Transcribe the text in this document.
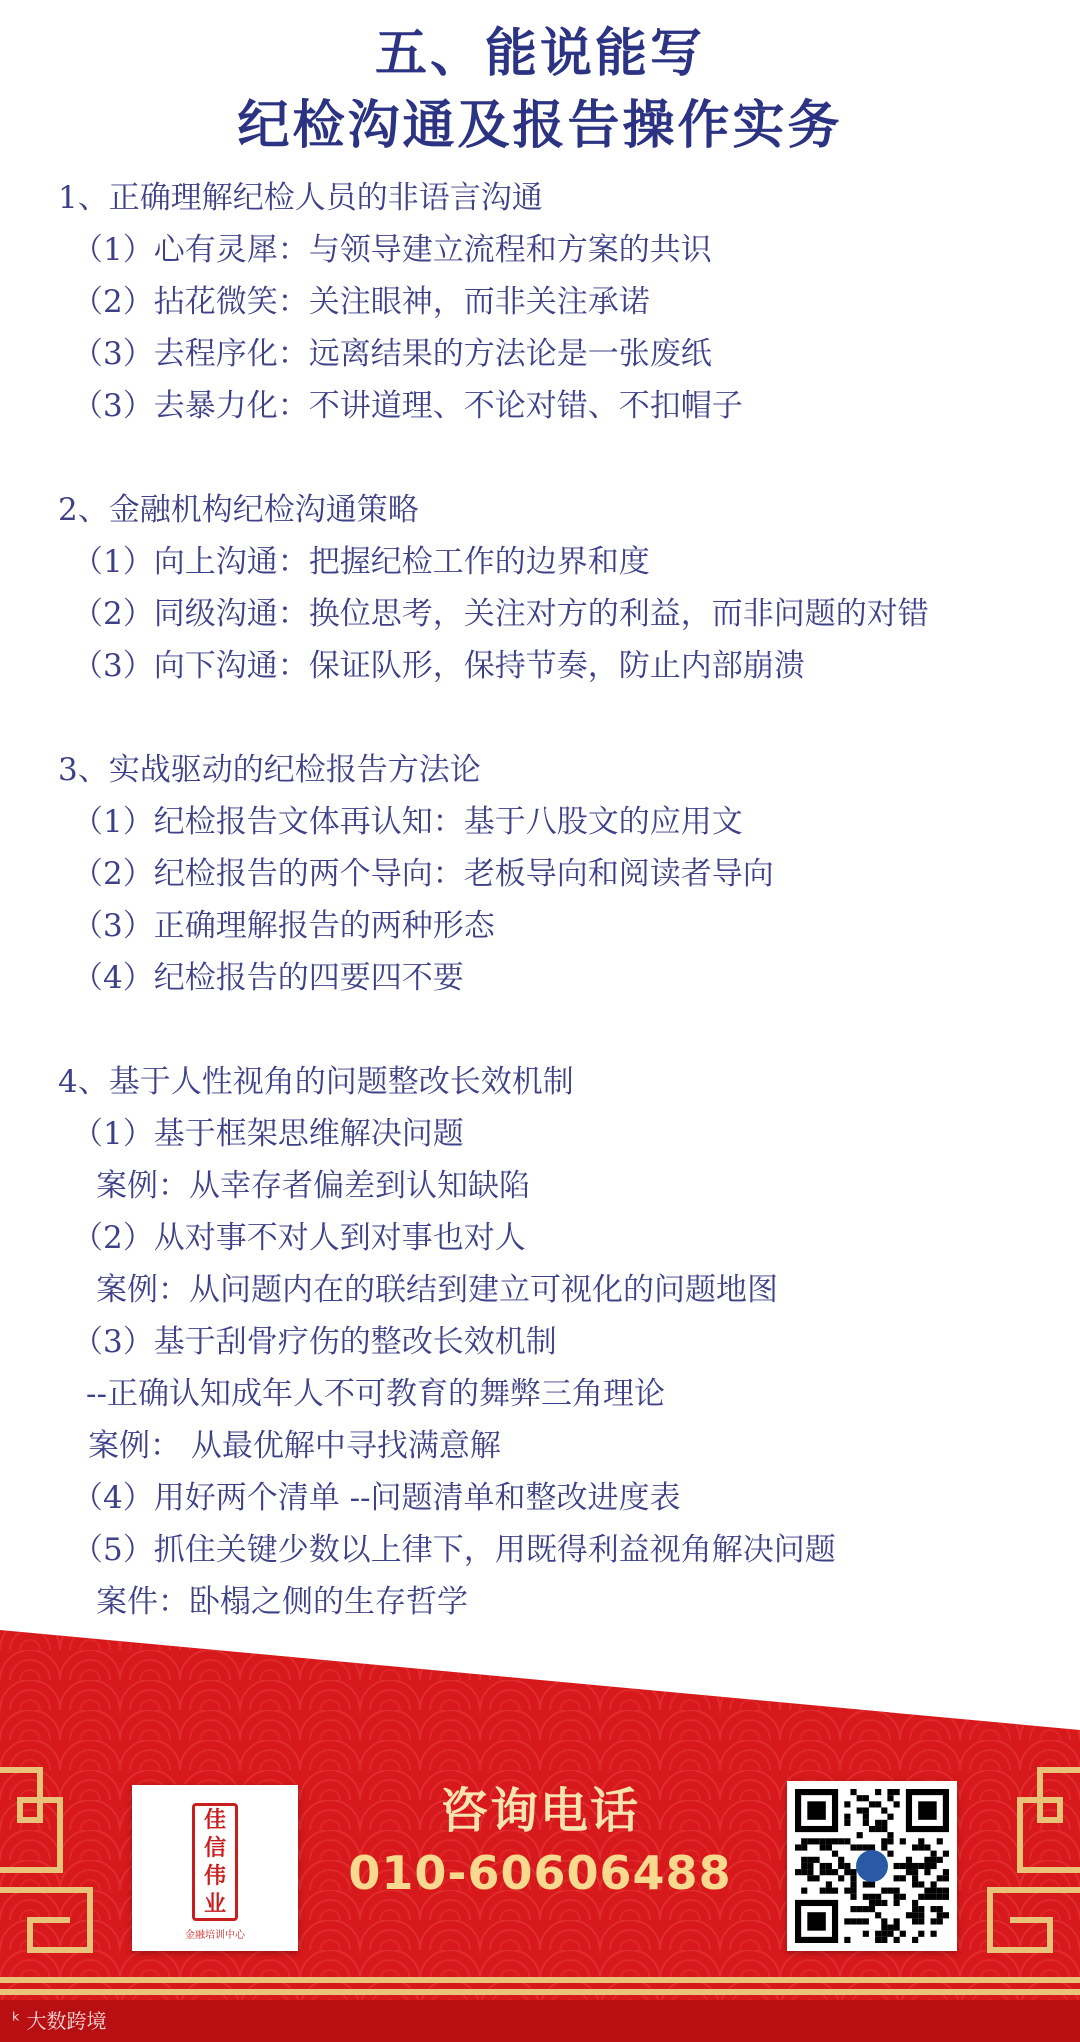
五、能说能写
纪检沟通及报告操作实务
1、正确理解纪检人员的非语言沟通
（1）心有灵犀：与领导建立流程和方案的共识
（2）拈花微笑：关注眼神，而非关注承诺
（3）去程序化：远离结果的方法论是一张废纸
（3）去暴力化：不讲道理、不论对错、不扣帽子
2、金融机构纪检沟通策略
（1）向上沟通：把握纪检工作的边界和度
（2）同级沟通：换位思考，关注对方的利益，而非问题的对错
（3）向下沟通：保证队形，保持节奏，防止内部崩溃
3、实战驱动的纪检报告方法论
（1）纪检报告文体再认知：基于八股文的应用文
（2）纪检报告的两个导向：老板导向和阅读者导向
（3）正确理解报告的两种形态
（4）纪检报告的四要四不要
4、基于人性视角的问题整改长效机制
（1）基于框架思维解决问题
案例：从幸存者偏差到认知缺陷
（2）从对事不对人到对事也对人
案例：从问题内在的联结到建立可视化的问题地图
（3）基于刮骨疗伤的整改长效机制
--正确认知成年人不可教育的舞弊三角理论
案例： 从最优解中寻找满意解
（4）用好两个清单 --问题清单和整改进度表
（5）抓住关键少数以上律下，用既得利益视角解决问题
案件：卧榻之侧的生存哲学
佳
信
伟
业
金融培训中心
咨询电话
010-60606488
ᵏ 大数跨境
